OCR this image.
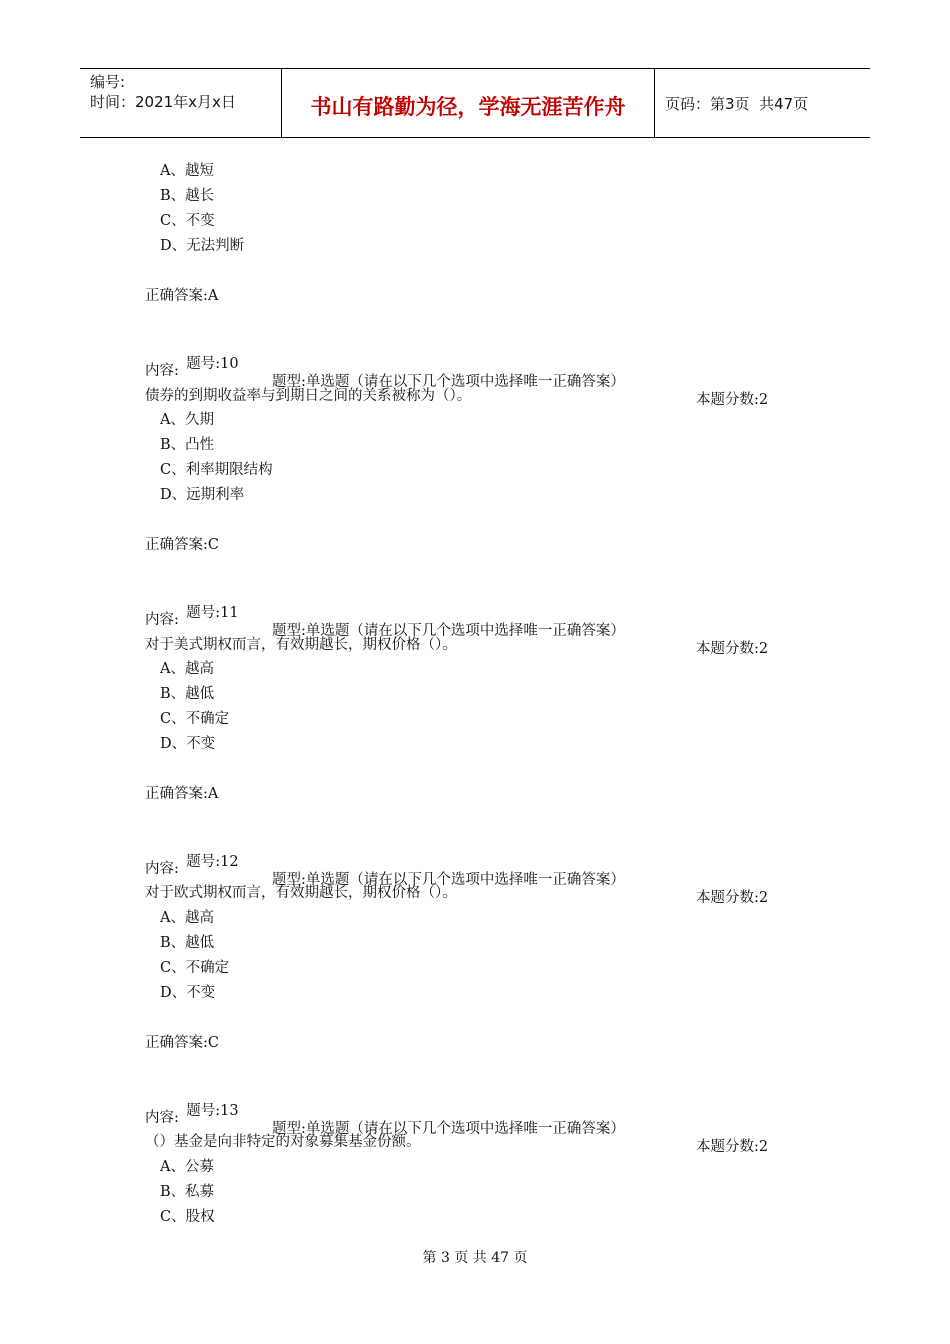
编号:
时间：2021年x月x日	书山有路勤为径，学海无涯苦作舟	页码：第3页  共47页
A、越短
B、越长
C、不变
D、无法判断
正确答案:A

题号:10

题型:单选题（请在以下几个选项中选择唯一正确答案）

本题分数:2

内容:
债券的到期收益率与到期日之间的关系被称为（）。
A、久期
B、凸性
C、利率期限结构
D、远期利率
正确答案:C

题号:11

题型:单选题（请在以下几个选项中选择唯一正确答案）

本题分数:2

内容:
对于美式期权而言，有效期越长，期权价格（）。
A、越高
B、越低
C、不确定
D、不变
正确答案:A

题号:12

题型:单选题（请在以下几个选项中选择唯一正确答案）

本题分数:2

内容:
对于欧式期权而言，有效期越长，期权价格（）。
A、越高
B、越低
C、不确定
D、不变
正确答案:C

题号:13

题型:单选题（请在以下几个选项中选择唯一正确答案）

本题分数:2

内容:
（）基金是向非特定的对象募集基金份额。
A、公募
B、私募
C、股权
第 3 页 共 47 页
